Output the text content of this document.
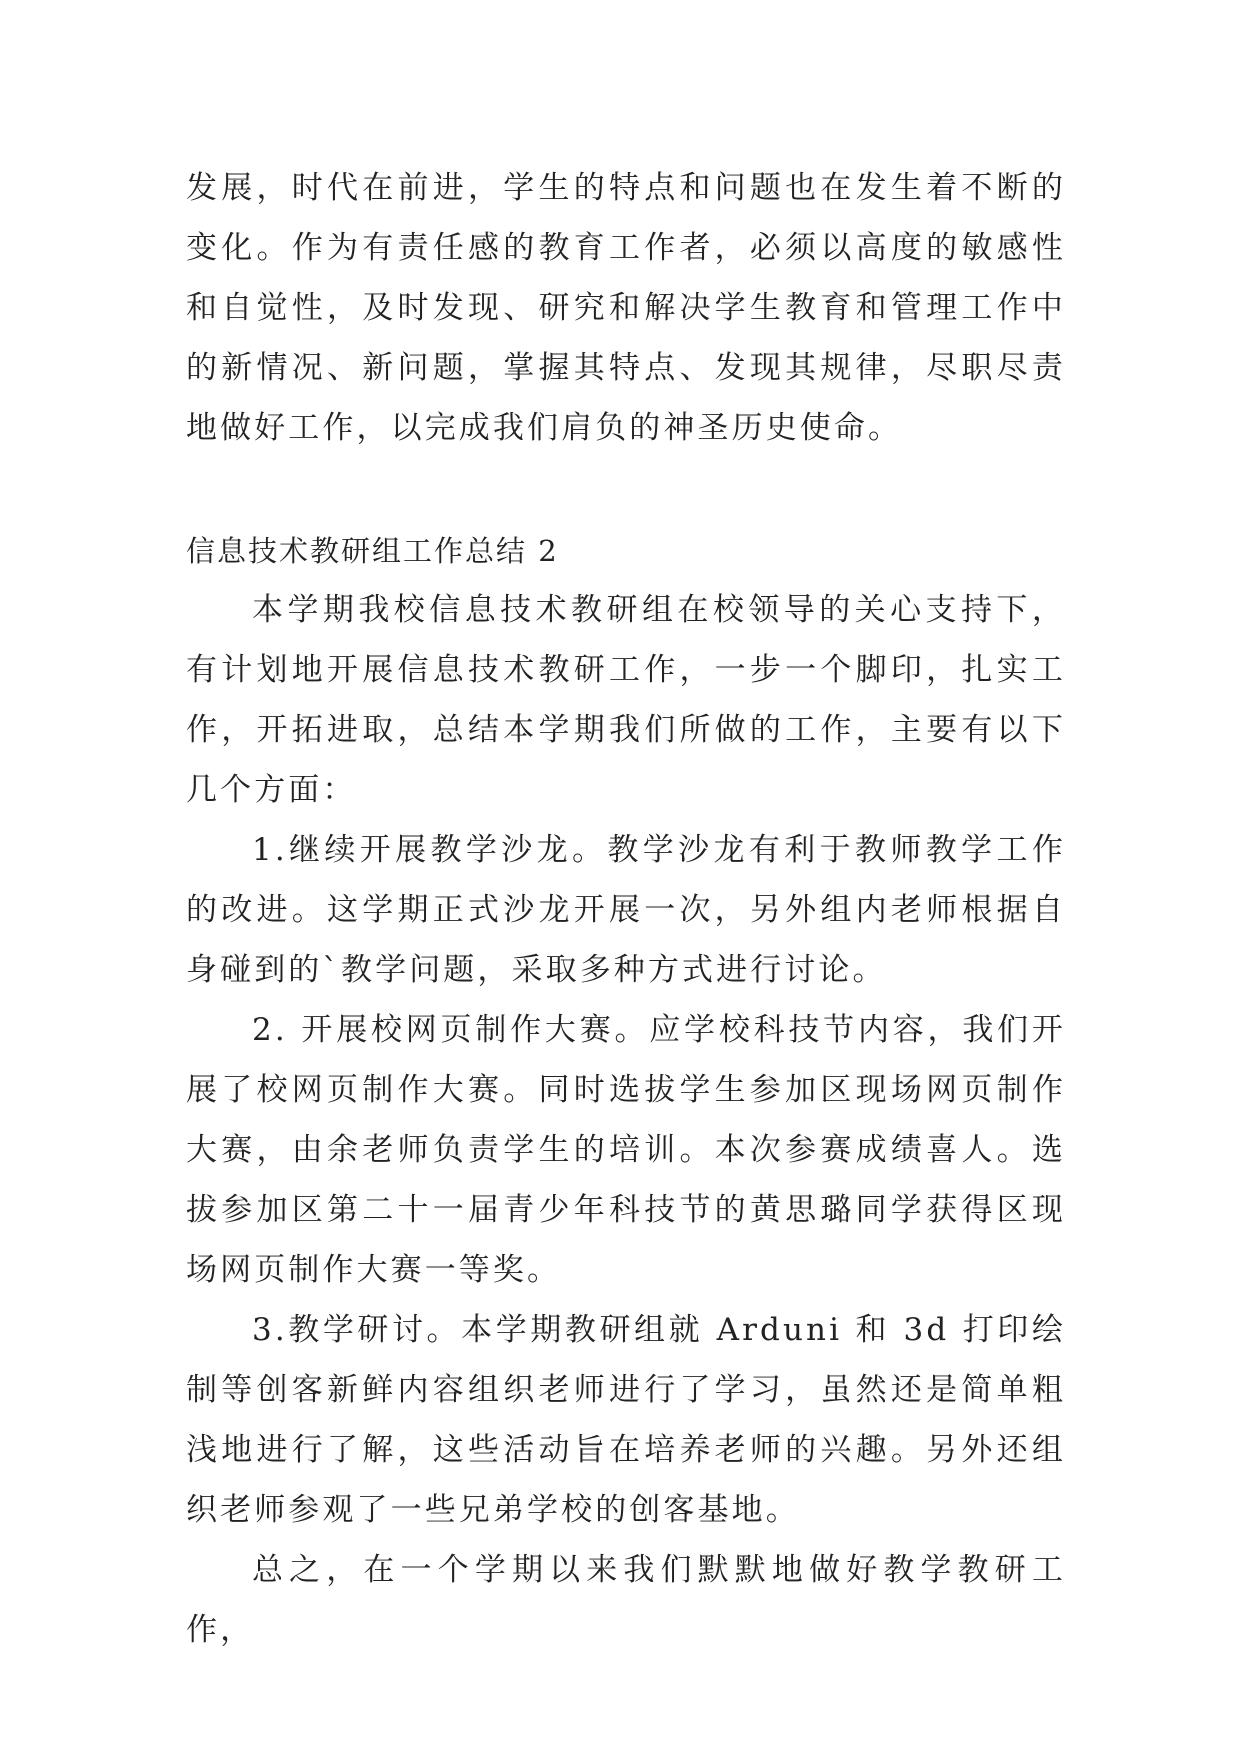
发展，时代在前进，学生的特点和问题也在发生着不断的变化。作为有责任感的教育工作者，必须以高度的敏感性和自觉性，及时发现、研究和解决学生教育和管理工作中的新情况、新问题，掌握其特点、发现其规律，尽职尽责地做好工作，以完成我们肩负的神圣历史使命。

信息技术教研组工作总结 2

本学期我校信息技术教研组在校领导的关心支持下，有计划地开展信息技术教研工作，一步一个脚印，扎实工作，开拓进取，总结本学期我们所做的工作，主要有以下几个方面：

1.继续开展教学沙龙。教学沙龙有利于教师教学工作的改进。这学期正式沙龙开展一次，另外组内老师根据自身碰到的`教学问题，采取多种方式进行讨论。

2. 开展校网页制作大赛。应学校科技节内容，我们开展了校网页制作大赛。同时选拔学生参加区现场网页制作大赛，由余老师负责学生的培训。本次参赛成绩喜人。选拔参加区第二十一届青少年科技节的黄思璐同学获得区现场网页制作大赛一等奖。

3.教学研讨。本学期教研组就 Arduni 和 3d 打印绘制等创客新鲜内容组织老师进行了学习，虽然还是简单粗浅地进行了解，这些活动旨在培养老师的兴趣。另外还组织老师参观了一些兄弟学校的创客基地。

总之，在一个学期以来我们默默地做好教学教研工作，
